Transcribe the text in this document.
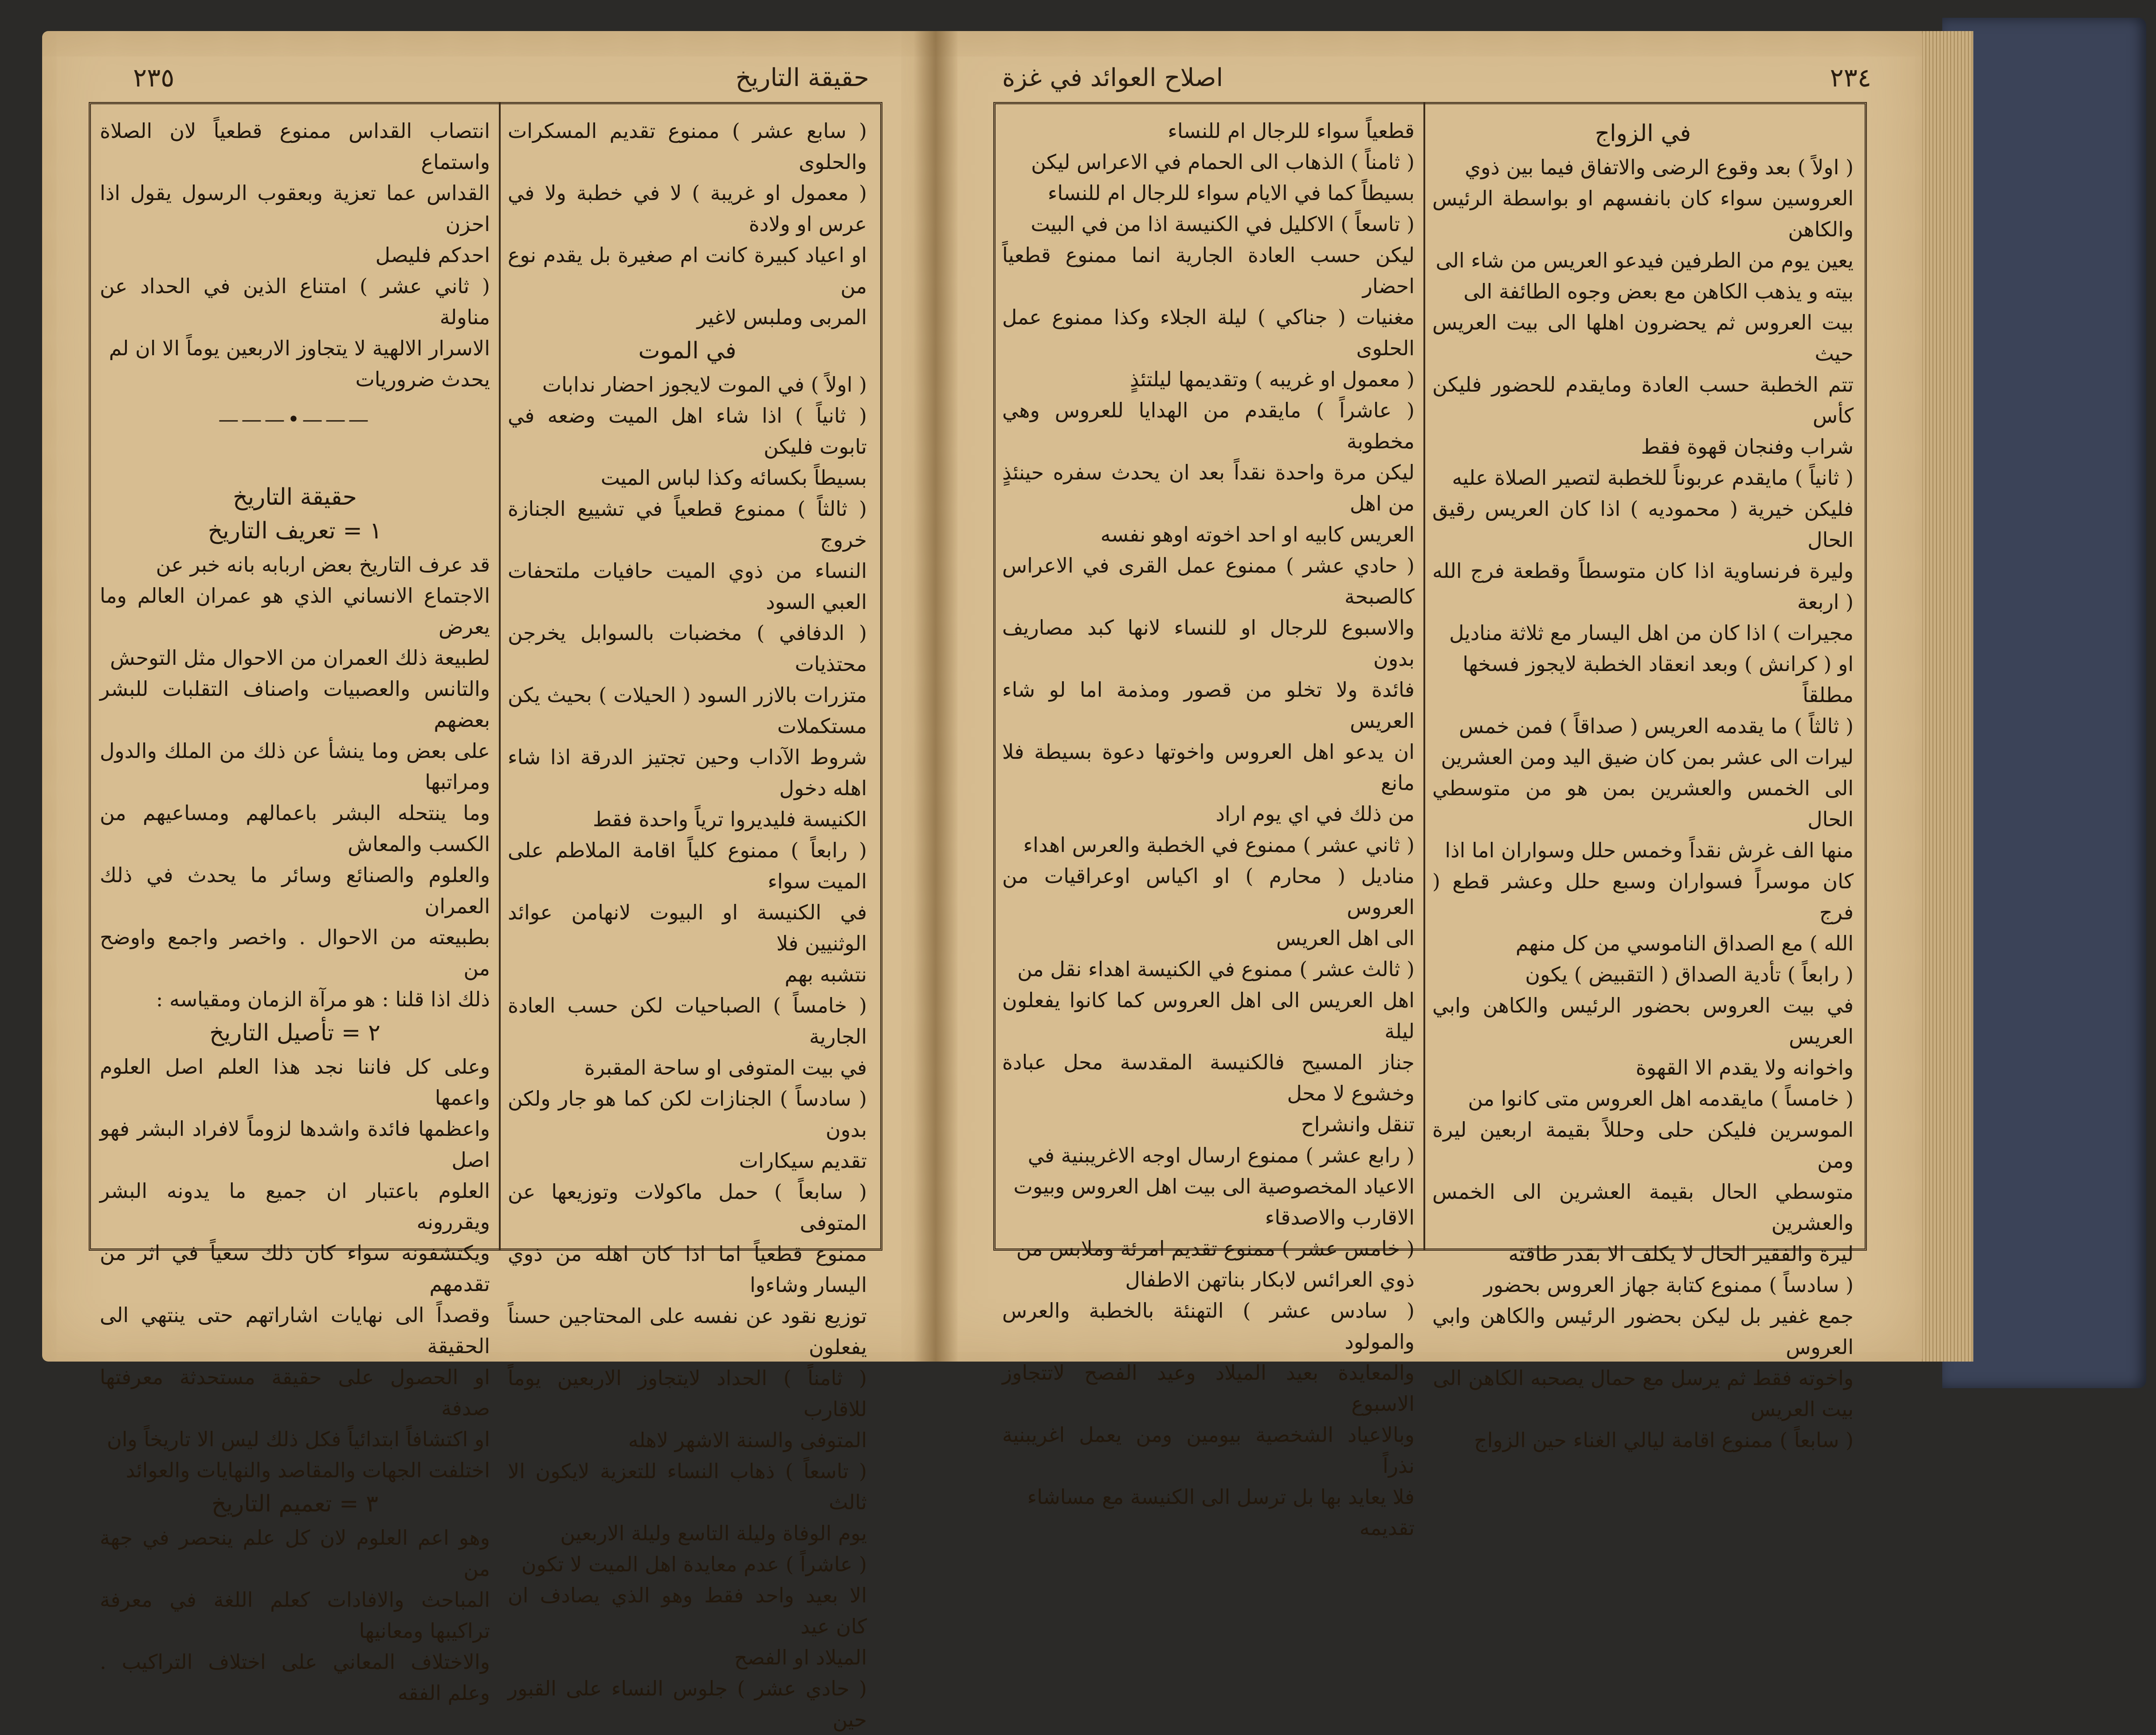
حقيقة التاريخ
٢٣٥	٢٣٤
اصلاح العوائد في غزة

( سابع عشر ) ممنوع تقديم المسكرات والحلوى

( معمول او غريبة ) لا في خطبة ولا في عرس او ولادة

او اعياد كبيرة كانت ام صغيرة بل يقدم نوع من

المربى وملبس لاغير

في الموت

( اولاً ) في الموت لايجوز احضار ندابات

( ثانياً ) اذا شاء اهل الميت وضعه في تابوت فليكن

بسيطاً بكسائه وكذا لباس الميت

( ثالثاً ) ممنوع قطعياً في تشييع الجنازة خروج

النساء من ذوي الميت حافيات ملتحفات العبي السود

( الدفافي ) مخضبات بالسوابل يخرجن محتذيات

متزرات بالازر السود ( الحيلات ) بحيث يكن مستكملات

شروط الآداب وحين تجتيز الدرقة اذا شاء اهله دخول

الكنيسة فليديروا ترياً واحدة فقط

( رابعاً ) ممنوع كلياً اقامة الملاطم على الميت سواء

في الكنيسة او البيوت لانهامن عوائد الوثنيين فلا

نتشبه بهم

( خامساً ) الصباحيات لكن حسب العادة الجارية

في بيت المتوفى او ساحة المقبرة

( سادساً ) الجنازات لكن كما هو جار ولكن بدون

تقديم سيكارات

( سابعاً ) حمل ماكولات وتوزيعها عن المتوفى

ممنوع قطعياً اما اذا كان اهله من ذوي اليسار وشاءوا

توزيع نقود عن نفسه على المحتاجين حسناً يفعلون

( ثامناً ) الحداد لايتجاوز الاربعين يوماً للاقارب

المتوفى والسنة الاشهر لاهله

( تاسعاً ) ذهاب النساء للتعزية لايكون الا ثالث

يوم الوفاة وليلة التاسع وليلة الاربعين

( عاشراً ) عدم معايدة اهل الميت لا تكون

الا بعيد واحد فقط وهو الذي يصادف ان كان عيد

الميلاد او الفصح

( حادي عشر ) جلوس النساء على القبور حين

انتصاب القداس ممنوع قطعياً لان الصلاة واستماع

القداس عما تعزية وبعقوب الرسول يقول اذا احزن

احدكم فليصل

( ثاني عشر ) امتناع الذين في الحداد عن مناولة

الاسرار الالهية لا يتجاوز الاربعين يوماً الا ان لم

يحدث ضروريات

———•———
حقيقة التاريخ

١ = تعريف التاريخ

قد عرف التاريخ بعض اربابه بانه خبر عن

الاجتماع الانساني الذي هو عمران العالم وما يعرض

لطبيعة ذلك العمران من الاحوال مثل التوحش

والتانس والعصبيات واصناف التقلبات للبشر بعضهم

على بعض وما ينشأ عن ذلك من الملك والدول ومراتبها

وما ينتحله البشر باعمالهم ومساعيهم من الكسب والمعاش

والعلوم والصنائع وسائر ما يحدث في ذلك العمران

بطبيعته من الاحوال . واخصر واجمع واوضح من

ذلك اذا قلنا : هو مرآة الزمان ومقياسه :

٢ = تأصيل التاريخ

وعلى كل فاننا نجد هذا العلم اصل العلوم واعمها

واعظمها فائدة واشدها لزوماً لافراد البشر فهو اصل

العلوم باعتبار ان جميع ما يدونه البشر ويقررونه

ويكتشفونه سواء كان ذلك سعياً في اثر من تقدمهم

وقصداً الى نهايات اشاراتهم حتى ينتهي الى الحقيقة

او الحصول على حقيقة مستحدثة معرفتها صدفة

او اكتشافاً ابتدائياً فكل ذلك ليس الا تاريخاً وان

اختلفت الجهات والمقاصد والنهايات والعوائد

٣ = تعميم التاريخ

وهو اعم العلوم لان كل علم ينحصر في جهة من

المباحث والافادات كعلم اللغة في معرفة تراكيبها ومعانيها

والاختلاف المعاني على اختلاف التراكيب . وعلم الفقه

في الزواج

( اولاً ) بعد وقوع الرضى والاتفاق فيما بين ذوي

العروسين سواء كان بانفسهم او بواسطة الرئيس والكاهن

يعين يوم من الطرفين فيدعو العريس من شاء الى

بيته و يذهب الكاهن مع بعض وجوه الطائفة الى

بيت العروس ثم يحضرون اهلها الى بيت العريس حيث

تتم الخطبة حسب العادة ومايقدم للحضور فليكن كأس

شراب وفنجان قهوة فقط

( ثانياً ) مايقدم عربوناً للخطبة لتصير الصلاة عليه

فليكن خيرية ( محموديه ) اذا كان العريس رقيق الحال

وليرة فرنساوية اذا كان متوسطاً وقطعة فرج الله ( اربعة

مجيرات ) اذا كان من اهل اليسار مع ثلاثة مناديل

او ( كرانش ) وبعد انعقاد الخطبة لايجوز فسخها

مطلقاً

( ثالثاً ) ما يقدمه العريس ( صداقاً ) فمن خمس

ليرات الى عشر بمن كان ضيق اليد ومن العشرين

الى الخمس والعشرين بمن هو من متوسطي الحال

منها الف غرش نقداً وخمس حلل وسواران اما اذا

كان موسراً فسواران وسبع حلل وعشر قطع ( فرج

الله ) مع الصداق الناموسي من كل منهم

( رابعاً ) تأدية الصداق ( التقبيض ) يكون

في بيت العروس بحضور الرئيس والكاهن وابي العريس

واخوانه ولا يقدم الا القهوة

( خامساً ) مايقدمه اهل العروس متى كانوا من

الموسرين فليكن حلى وحللاً بقيمة اربعين ليرة ومن

متوسطي الحال بقيمة العشرين الى الخمس والعشرين

ليرة والفقير الحال لا يكلف الا بقدر طاقته

( سادساً ) ممنوع كتابة جهاز العروس بحضور

جمع غفير بل ليكن بحضور الرئيس والكاهن وابي العروس

واخوته فقط ثم يرسل مع حمال يصحبه الكاهن الى

بيت العريس

( سابعاً ) ممنوع اقامة ليالي الغناء حين الزواج

قطعياً سواء للرجال ام للنساء

( ثامناً ) الذهاب الى الحمام في الاعراس ليكن

بسيطاً كما في الايام سواء للرجال ام للنساء

( تاسعاً ) الاكليل في الكنيسة اذا من في البيت

ليكن حسب العادة الجارية انما ممنوع قطعياً احضار

مغنيات ( جناكي ) ليلة الجلاء وكذا ممنوع عمل الحلوى

( معمول او غريبه ) وتقديمها ليلتئذٍ

( عاشراً ) مايقدم من الهدايا للعروس وهي مخطوبة

ليكن مرة واحدة نقداً بعد ان يحدث سفره حينئذٍ من اهل

العريس كابيه او احد اخوته اوهو نفسه

( حادي عشر ) ممنوع عمل القرى في الاعراس كالصبحة

والاسبوع للرجال او للنساء لانها كبد مصاريف بدون

فائدة ولا تخلو من قصور ومذمة اما لو شاء العريس

ان يدعو اهل العروس واخوتها دعوة بسيطة فلا مانع

من ذلك في اي يوم اراد

( ثاني عشر ) ممنوع في الخطبة والعرس اهداء

مناديل ( محارم ) او اكياس اوعراقيات من العروس

الى اهل العريس

( ثالث عشر ) ممنوع في الكنيسة اهداء نقل من

اهل العريس الى اهل العروس كما كانوا يفعلون ليلة

جناز المسيح فالكنيسة المقدسة محل عبادة وخشوع لا محل

تنقل وانشراح

( رابع عشر ) ممنوع ارسال اوجه الاغريبنية في

الاعياد المخصوصية الى بيت اهل العروس وبيوت

الاقارب والاصدقاء

( خامس عشر ) ممنوع تقديم امرئة وملابس من

ذوي العرائس لابكار بناتهن الاطفال

( سادس عشر ) التهنئة بالخطبة والعرس والمولود

والمعايدة بعيد الميلاد وعيد الفصح لاتتجاوز الاسبوع

وبالاعياد الشخصية بيومين ومن يعمل اغريبنية نذراً

فلا يعايد بها بل ترسل الى الكنيسة مع مساشاء

تقديمه
